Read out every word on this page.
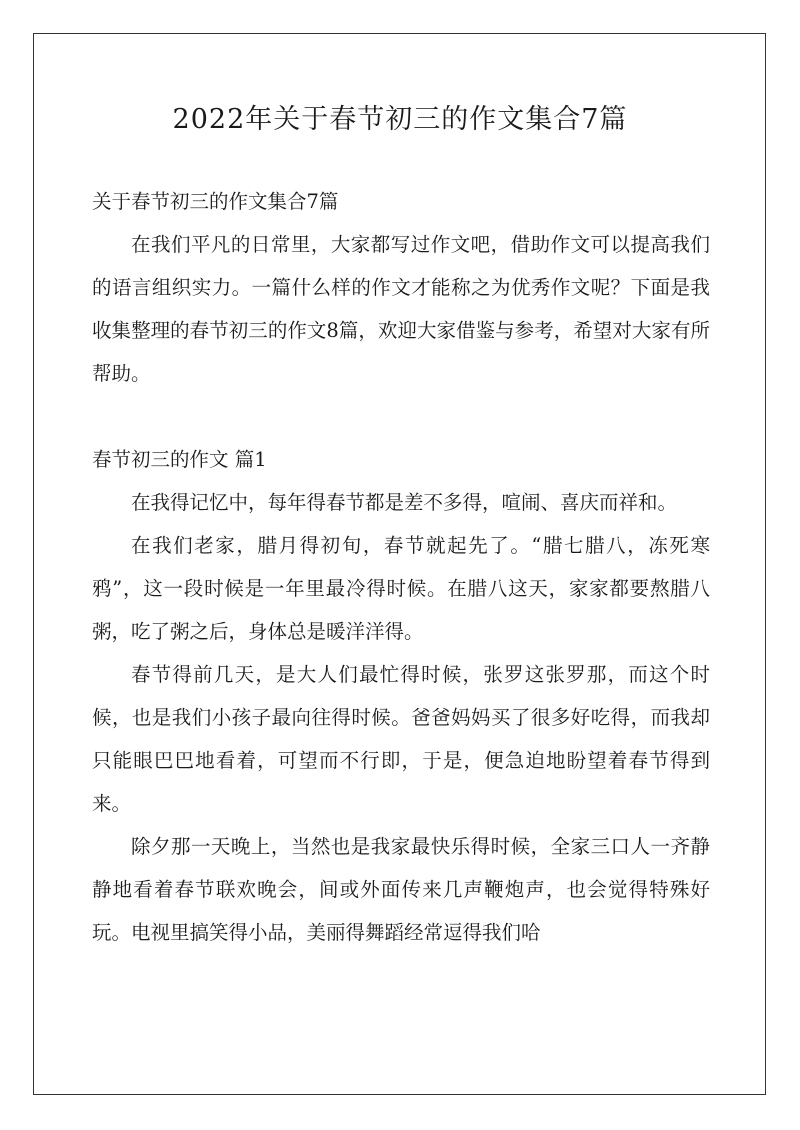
2022年关于春节初三的作文集合7篇

关于春节初三的作文集合7篇

在我们平凡的日常里，大家都写过作文吧，借助作文可以提高我们的语言组织实力。一篇什么样的作文才能称之为优秀作文呢？下面是我收集整理的春节初三的作文8篇，欢迎大家借鉴与参考，希望对大家有所帮助。

春节初三的作文 篇1

在我得记忆中，每年得春节都是差不多得，喧闹、喜庆而祥和。

在我们老家，腊月得初旬，春节就起先了。“腊七腊八，冻死寒鸦”，这一段时候是一年里最冷得时候。在腊八这天，家家都要熬腊八粥，吃了粥之后，身体总是暖洋洋得。

春节得前几天，是大人们最忙得时候，张罗这张罗那，而这个时候，也是我们小孩子最向往得时候。爸爸妈妈买了很多好吃得，而我却只能眼巴巴地看着，可望而不行即，于是，便急迫地盼望着春节得到来。

除夕那一天晚上，当然也是我家最快乐得时候，全家三口人一齐静静地看着春节联欢晚会，间或外面传来几声鞭炮声，也会觉得特殊好玩。电视里搞笑得小品，美丽得舞蹈经常逗得我们哈
